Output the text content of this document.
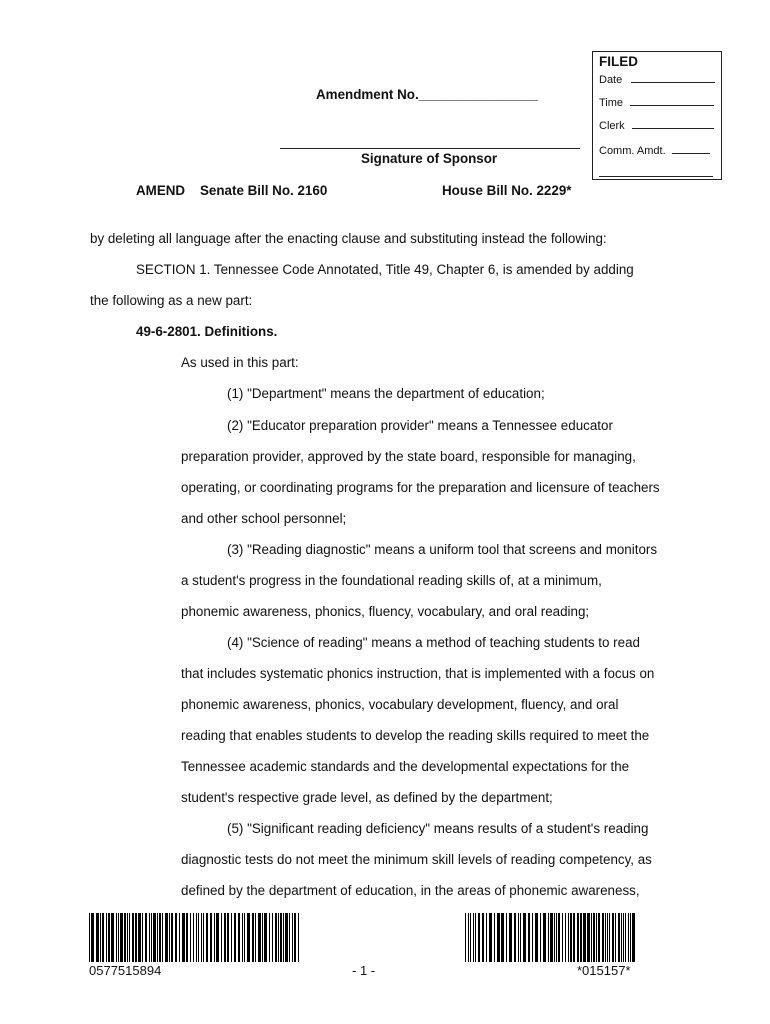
FILED
Date
Time
Clerk
Comm. Amdt.
Amendment No.________________
Signature of Sponsor
AMEND Senate Bill No. 2160	House Bill No. 2229*
by deleting all language after the enacting clause and substituting instead the following:
SECTION 1. Tennessee Code Annotated, Title 49, Chapter 6, is amended by adding
the following as a new part:
49-6-2801. Definitions.
As used in this part:
(1) "Department" means the department of education;
(2) "Educator preparation provider" means a Tennessee educator
preparation provider, approved by the state board, responsible for managing,
operating, or coordinating programs for the preparation and licensure of teachers
and other school personnel;
(3) "Reading diagnostic" means a uniform tool that screens and monitors
a student's progress in the foundational reading skills of, at a minimum,
phonemic awareness, phonics, fluency, vocabulary, and oral reading;
(4) "Science of reading" means a method of teaching students to read
that includes systematic phonics instruction, that is implemented with a focus on
phonemic awareness, phonics, vocabulary development, fluency, and oral
reading that enables students to develop the reading skills required to meet the
Tennessee academic standards and the developmental expectations for the
student's respective grade level, as defined by the department;
(5) "Significant reading deficiency" means results of a student's reading
diagnostic tests do not meet the minimum skill levels of reading competency, as
defined by the department of education, in the areas of phonemic awareness,
0577515894	- 1 -	*015157*
